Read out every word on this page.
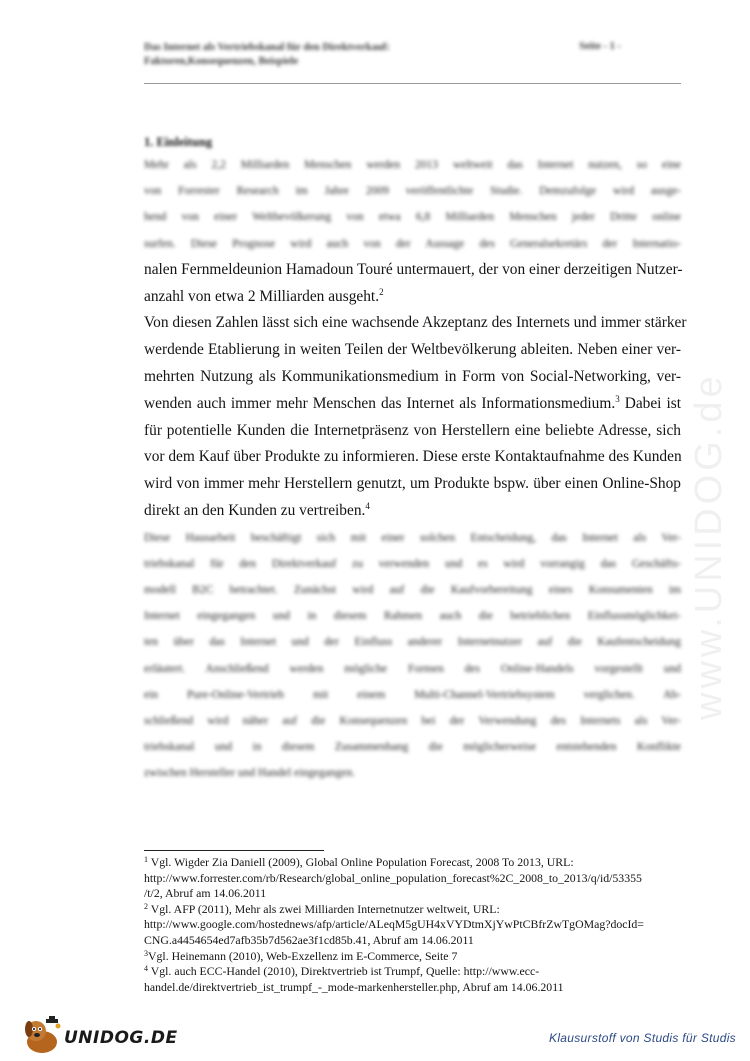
Das Internet als Vertriebskanal für den Direktverkauf:
Faktoren,Konsequenzen, Beispiele
Seite - 1 -
www.UNIDOG.de
1. Einleitung
Mehr als 2,2 Milliarden Menschen werden 2013 weltweit das Internet nutzen, so eine
von Forrester Research im Jahre 2009 veröffentlichte Studie. Demzufolge wird ausge-
hend von einer Weltbevölkerung von etwa 6,8 Milliarden Menschen jeder Dritte online
surfen. Diese Prognose wird auch von der Aussage des Generalsekretärs der Internatio-
nalen Fernmeldeunion Hamadoun Touré untermauert, der von einer derzeitigen Nutzer-
anzahl von etwa 2 Milliarden ausgeht.$^2$
Von diesen Zahlen lässt sich eine wachsende Akzeptanz des Internets und immer stärker
werdende Etablierung in weiten Teilen der Weltbevölkerung ableiten. Neben einer ver-
mehrten Nutzung als Kommunikationsmedium in Form von Social-Networking, ver-
wenden auch immer mehr Menschen das Internet als Informationsmedium.$^3$ Dabei ist
für potentielle Kunden die Internetpräsenz von Herstellern eine beliebte Adresse, sich
vor dem Kauf über Produkte zu informieren. Diese erste Kontaktaufnahme des Kunden
wird von immer mehr Herstellern genutzt, um Produkte bspw. über einen Online-Shop
direkt an den Kunden zu vertreiben.$^4$
Diese Hausarbeit beschäftigt sich mit einer solchen Entscheidung, das Internet als Ver-
triebskanal für den Direktverkauf zu verwenden und es wird vorrangig das Geschäfts-
modell B2C betrachtet. Zunächst wird auf die Kaufvorbereitung eines Konsumenten im
Internet eingegangen und in diesem Rahmen auch die betrieblichen Einflussmöglichkei-
ten über das Internet und der Einfluss anderer Internetnutzer auf die Kaufentscheidung
erläutert. Anschließend werden mögliche Formen des Online-Handels vorgestellt und
ein Pure-Online-Vertrieb mit einem Multi-Channel-Vertriebsystem verglichen. Ab-
schließend wird näher auf die Konsequenzen bei der Verwendung des Internets als Ver-
triebskanal und in diesem Zusammenhang die möglicherweise entstehenden Konflikte
zwischen Hersteller und Handel eingegangen.
$^1$ Vgl. Wigder Zia Daniell (2009), Global Online Population Forecast, 2008 To 2013, URL:
http://www.forrester.com/rb/Research/global_online_population_forecast%2C_2008_to_2013/q/id/53355
/t/2, Abruf am 14.06.2011
$^2$ Vgl. AFP (2011), Mehr als zwei Milliarden Internetnutzer weltweit, URL:
http://www.google.com/hostednews/afp/article/ALeqM5gUH4xVYDtmXjYwPtCBfrZwTgOMag?docId=
CNG.a4454654ed7afb35b7d562ae3f1cd85b.41, Abruf am 14.06.2011
$^3$Vgl. Heinemann (2010), Web-Exzellenz im E-Commerce, Seite 7
$^4$ Vgl. auch ECC-Handel (2010), Direktvertrieb ist Trumpf, Quelle: http://www.ecc-
handel.de/direktvertrieb_ist_trumpf_-_mode-markenhersteller.php, Abruf am 14.06.2011
UNIDOG.DE	Klausurstoff von Studis für Studis
